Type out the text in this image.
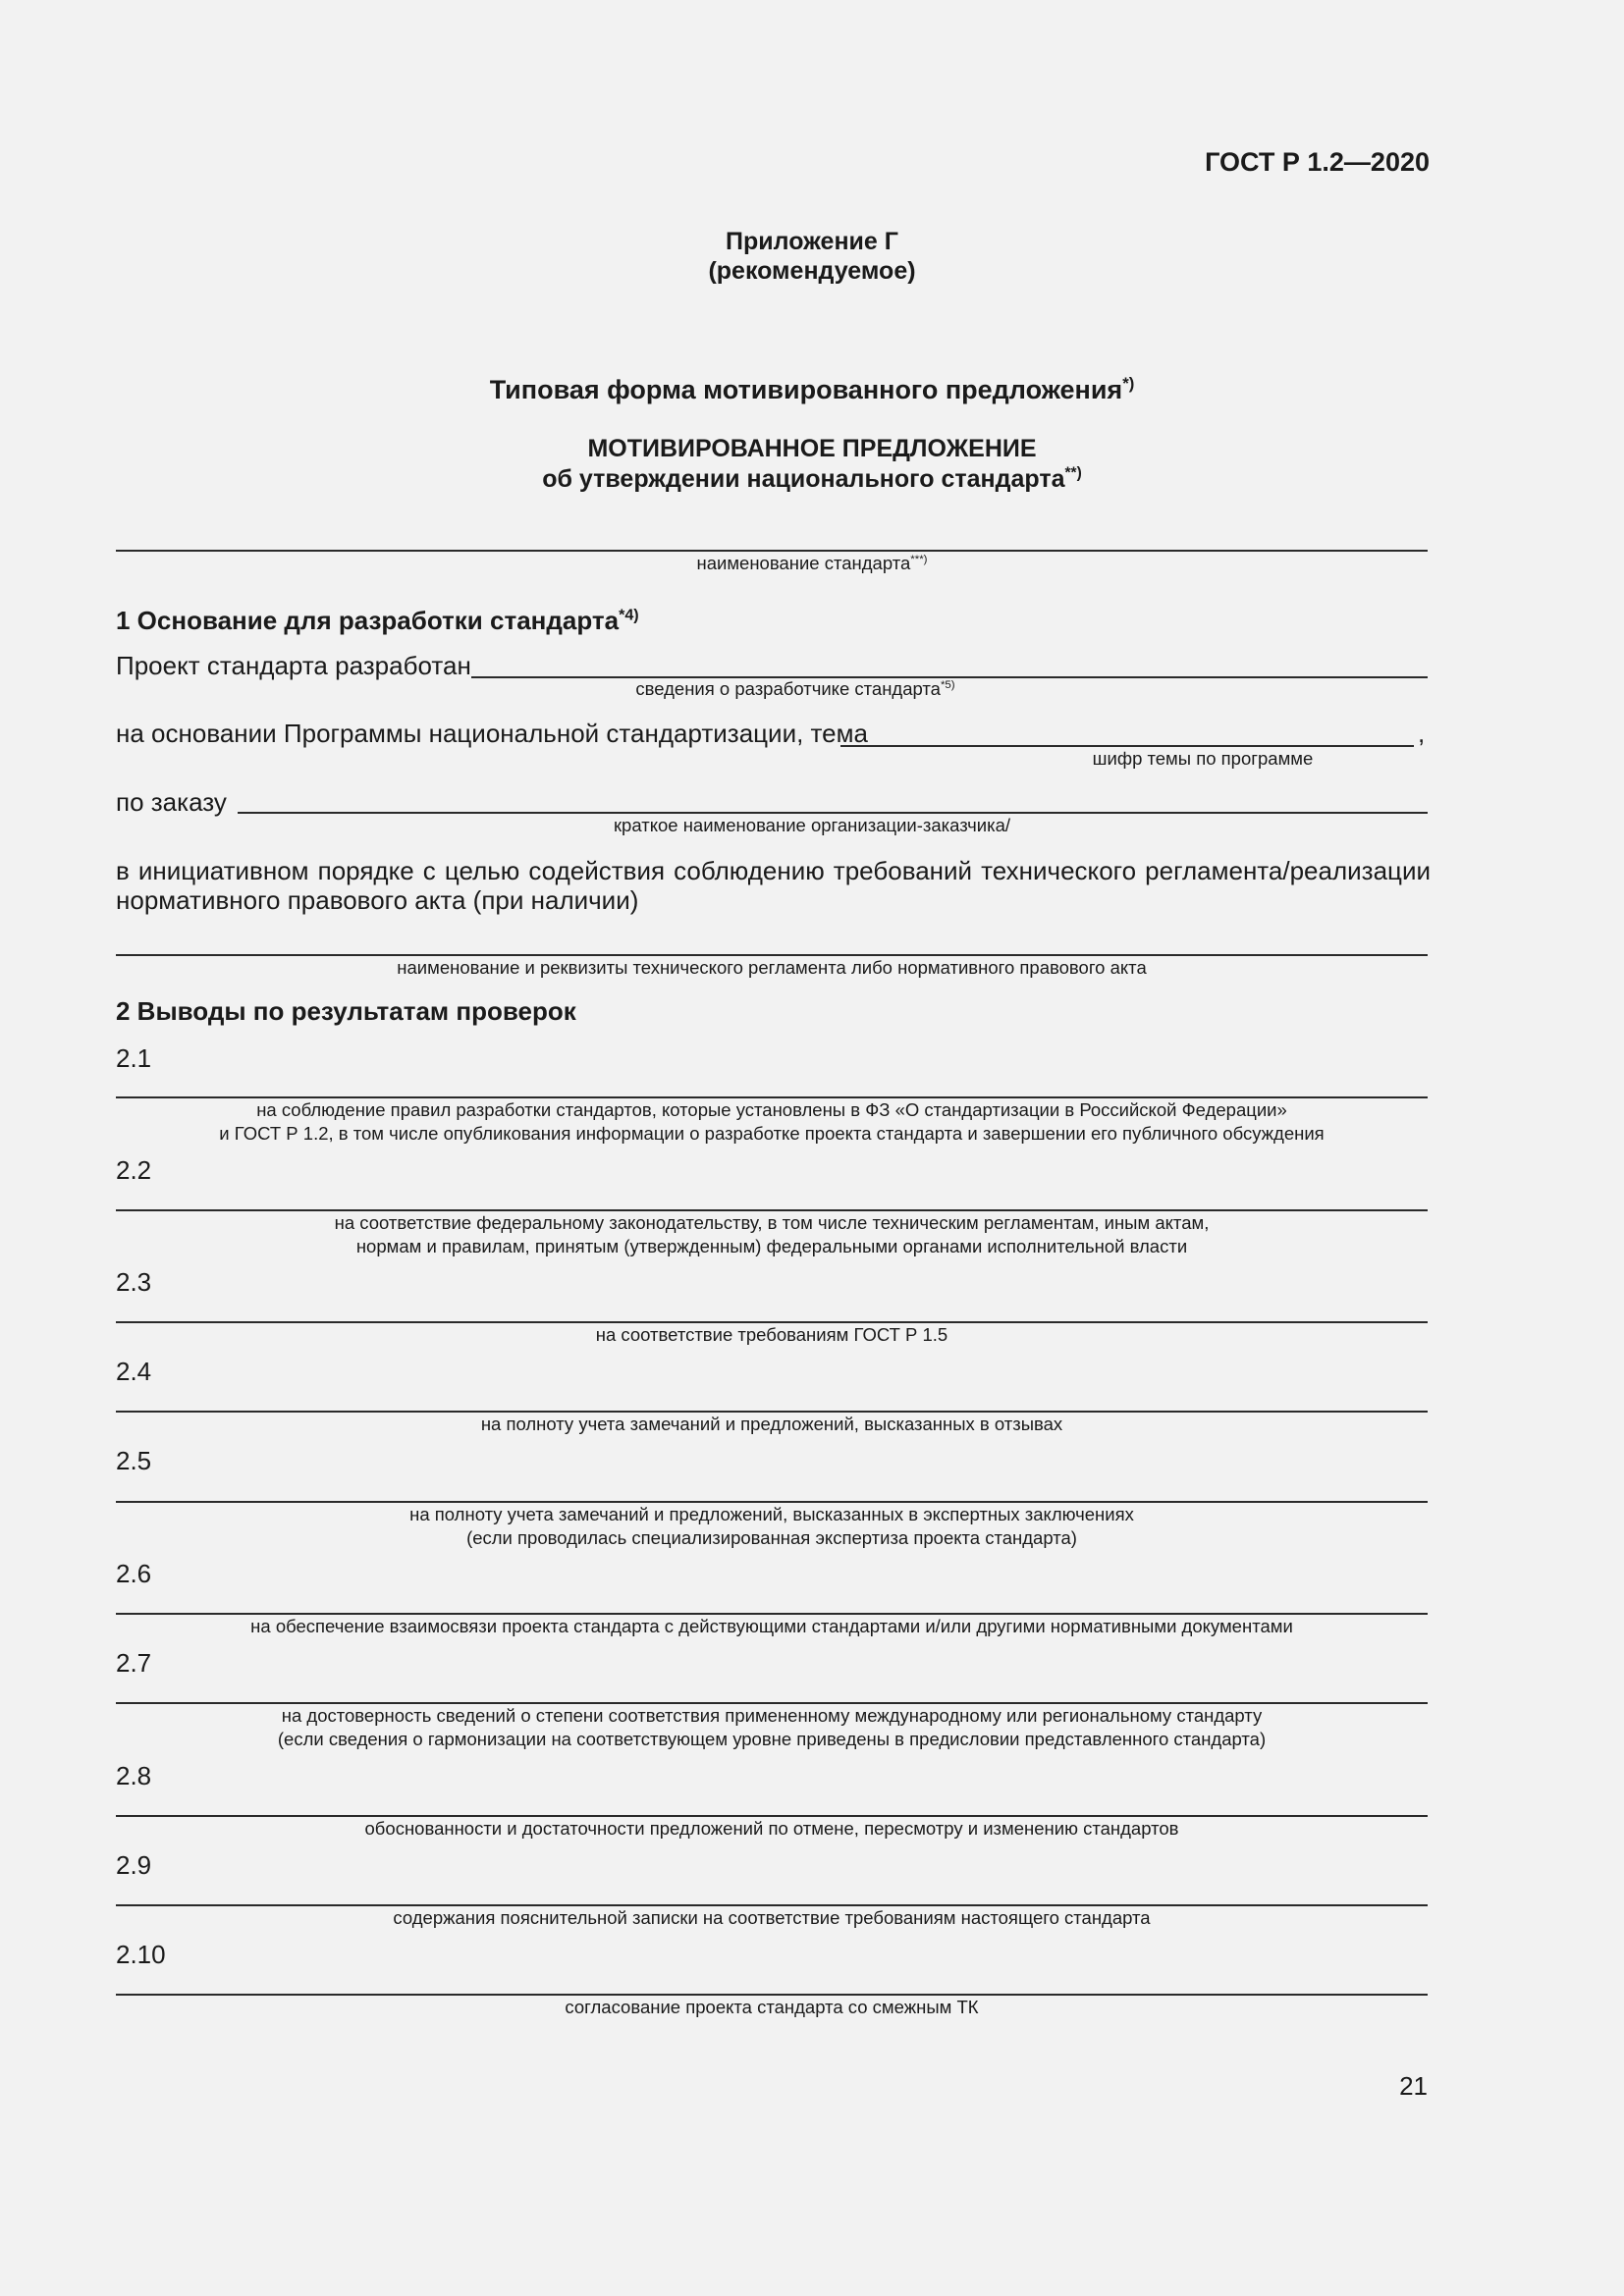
ГОСТ Р 1.2—2020
Приложение Г
(рекомендуемое)
Типовая форма мотивированного предложения*)
МОТИВИРОВАННОЕ ПРЕДЛОЖЕНИЕ
об утверждении национального стандарта**)
наименование стандарта***)
1 Основание для разработки стандарта$^{*4)}$
Проект стандарта разработан
сведения о разработчике стандарта$^{*5)}$
на основании Программы национальной стандартизации, тема	,
шифр темы по программе
по заказу
краткое наименование организации-заказчика/
в инициативном порядке с целью содействия соблюдению требований технического регламента/реализации
нормативного правового акта (при наличии)
наименование и реквизиты технического регламента либо нормативного правового акта
2 Выводы по результатам проверок
2.1
на соблюдение правил разработки стандартов, которые установлены в ФЗ «О стандартизации в Российской Федерации»
и ГОСТ Р 1.2, в том числе опубликования информации о разработке проекта стандарта и завершении его публичного обсуждения
2.2
на соответствие федеральному законодательству, в том числе техническим регламентам, иным актам,
нормам и правилам, принятым (утвержденным) федеральными органами исполнительной власти
2.3
на соответствие требованиям ГОСТ Р 1.5
2.4
на полноту учета замечаний и предложений, высказанных в отзывах
2.5
на полноту учета замечаний и предложений, высказанных в экспертных заключениях
(если проводилась специализированная экспертиза проекта стандарта)
2.6
на обеспечение взаимосвязи проекта стандарта с действующими стандартами и/или другими нормативными документами
2.7
на достоверность сведений о степени соответствия примененному международному или региональному стандарту
(если сведения о гармонизации на соответствующем уровне приведены в предисловии представленного стандарта)
2.8
обоснованности и достаточности предложений по отмене, пересмотру и изменению стандартов
2.9
содержания пояснительной записки на соответствие требованиям настоящего стандарта
2.10
согласование проекта стандарта со смежным ТК
21
